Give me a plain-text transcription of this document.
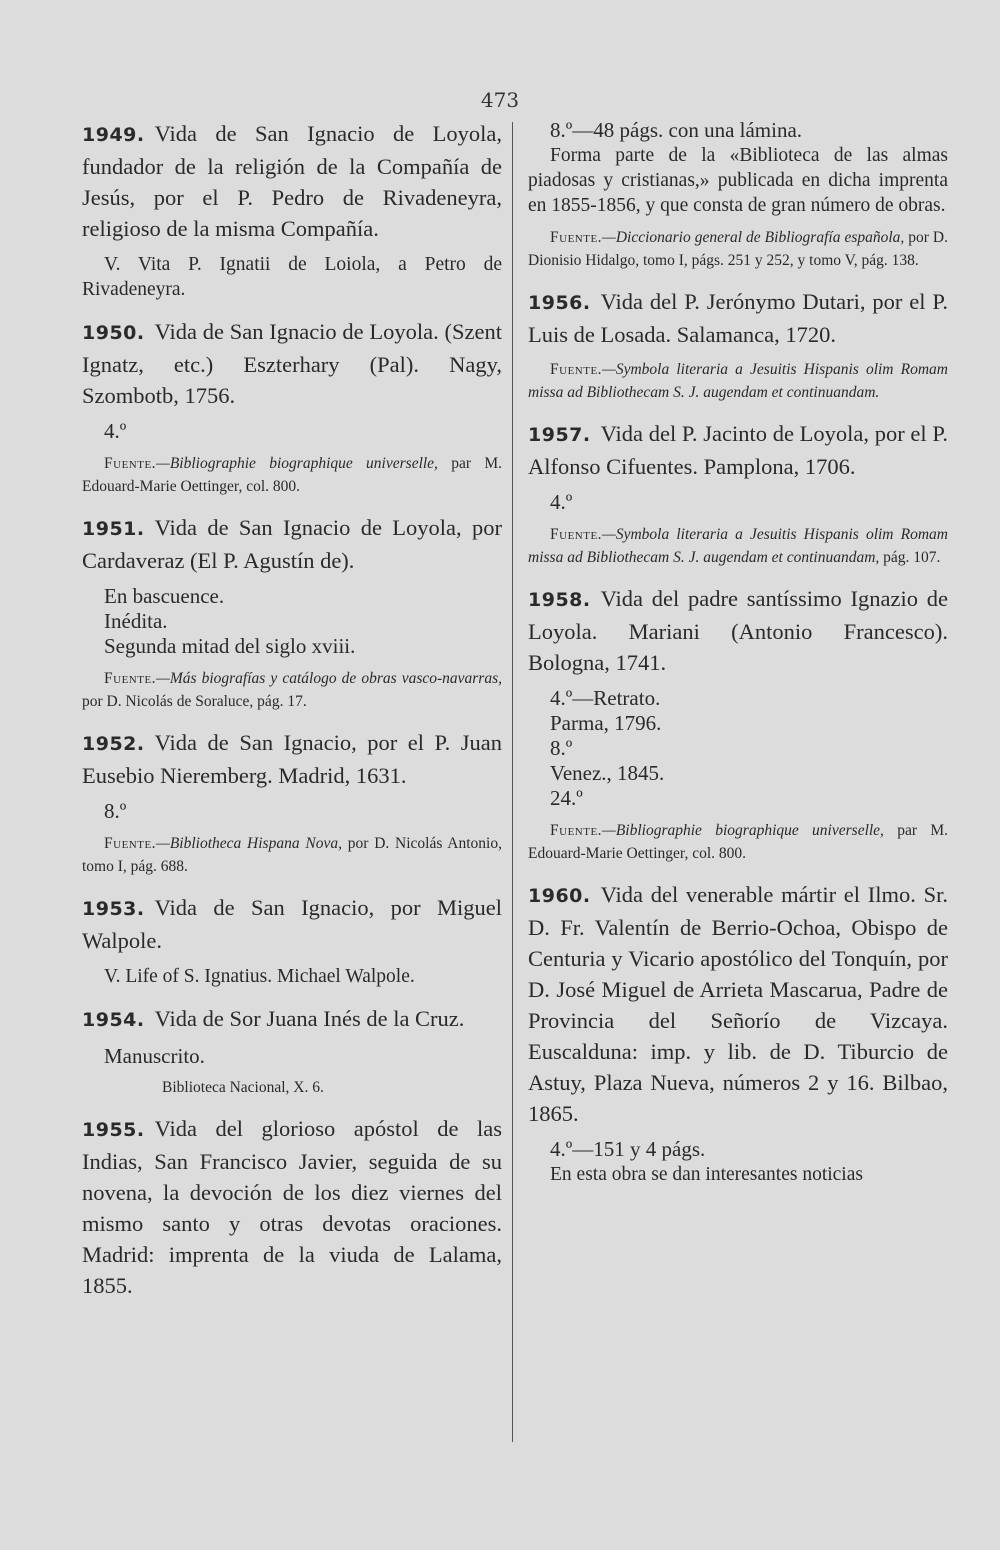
473

1949. Vida de San Ignacio de Loyola, fundador de la religión de la Compañía de Jesús, por el P. Pedro de Rivadeneyra, religioso de la misma Compañía.

V. Vita P. Ignatii de Loiola, a Petro de Rivadeneyra.

1950. Vida de San Ignacio de Loyola. (Szent Ignatz, etc.) Eszterhary (Pal). Nagy, Szombotb, 1756.

4.º

Fuente.—Bibliographie biographique universelle, par M. Edouard-Marie Oettinger, col. 800.

1951. Vida de San Ignacio de Loyola, por Cardaveraz (El P. Agustín de).

En bascuence.

Inédita.

Segunda mitad del siglo xviii.

Fuente.—Más biografías y catálogo de obras vasco-navarras, por D. Nicolás de Soraluce, pág. 17.

1952. Vida de San Ignacio, por el P. Juan Eusebio Nieremberg. Madrid, 1631.

8.º

Fuente.—Bibliotheca Hispana Nova, por D. Nicolás Antonio, tomo I, pág. 688.

1953. Vida de San Ignacio, por Miguel Walpole.

V. Life of S. Ignatius. Michael Walpole.

1954. Vida de Sor Juana Inés de la Cruz.

Manuscrito.

Biblioteca Nacional, X. 6.

1955. Vida del glorioso apóstol de las Indias, San Francisco Javier, seguida de su novena, la devoción de los diez viernes del mismo santo y otras devotas oraciones. Madrid: imprenta de la viuda de Lalama, 1855.

8.º—48 págs. con una lámina.

Forma parte de la «Biblioteca de las almas piadosas y cristianas,» publicada en dicha imprenta en 1855-1856, y que consta de gran número de obras.

Fuente.—Diccionario general de Bibliografía española, por D. Dionisio Hidalgo, tomo I, págs. 251 y 252, y tomo V, pág. 138.

1956. Vida del P. Jerónymo Dutari, por el P. Luis de Losada. Salamanca, 1720.

Fuente.—Symbola literaria a Jesuitis Hispanis olim Romam missa ad Bibliothecam S. J. augendam et continuandam.

1957. Vida del P. Jacinto de Loyola, por el P. Alfonso Cifuentes. Pamplona, 1706.

4.º

Fuente.—Symbola literaria a Jesuitis Hispanis olim Romam missa ad Bibliothecam S. J. augendam et continuandam, pág. 107.

1958. Vida del padre santíssimo Ignazio de Loyola. Mariani (Antonio Francesco). Bologna, 1741.

4.º—Retrato.

Parma, 1796.

8.º

Venez., 1845.

24.º

Fuente.—Bibliographie biographique universelle, par M. Edouard-Marie Oettinger, col. 800.

1960. Vida del venerable mártir el Ilmo. Sr. D. Fr. Valentín de Berrio-Ochoa, Obispo de Centuria y Vicario apostólico del Tonquín, por D. José Miguel de Arrieta Mascarua, Padre de Provincia del Señorío de Vizcaya. Euscalduna: imp. y lib. de D. Tiburcio de Astuy, Plaza Nueva, números 2 y 16. Bilbao, 1865.

4.º—151 y 4 págs.

En esta obra se dan interesantes noticias
